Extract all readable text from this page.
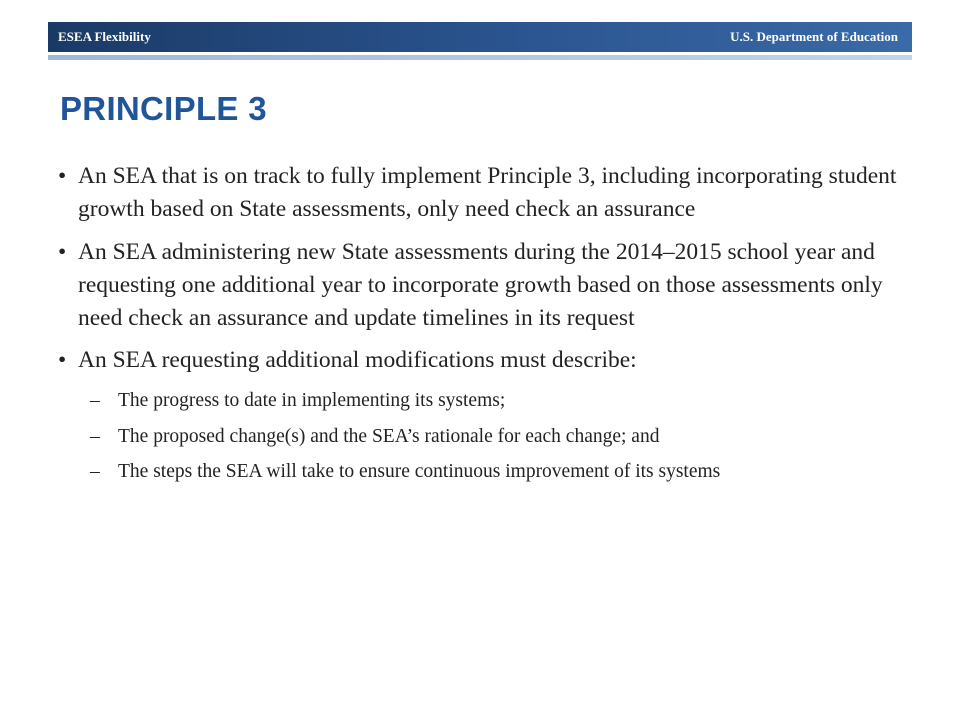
ESEA Flexibility	U.S. Department of Education
PRINCIPLE 3
• An SEA that is on track to fully implement Principle 3, including incorporating student growth based on State assessments, only need check an assurance
• An SEA administering new State assessments during the 2014–2015 school year and requesting one additional year to incorporate growth based on those assessments only need check an assurance and update timelines in its request
• An SEA requesting additional modifications must describe:
– The progress to date in implementing its systems;
– The proposed change(s) and the SEA’s rationale for each change; and
– The steps the SEA will take to ensure continuous improvement of its systems
